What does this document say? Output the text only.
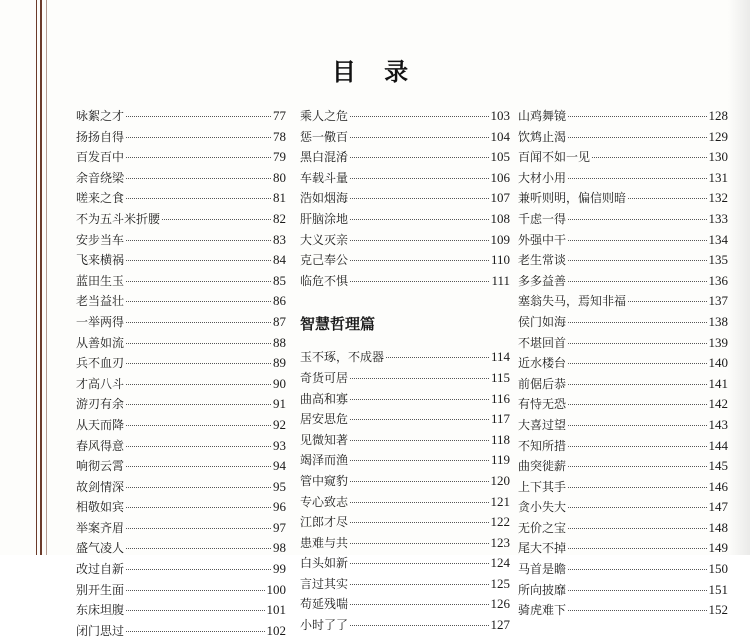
目 录
咏絮之才	77
扬扬自得	78
百发百中	79
余音绕梁	80
嗟来之食	81
不为五斗米折腰	82
安步当车	83
飞来横祸	84
蓝田生玉	85
老当益壮	86
一举两得	87
从善如流	88
兵不血刃	89
才高八斗	90
游刃有余	91
从天而降	92
春风得意	93
响彻云霄	94
故剑情深	95
相敬如宾	96
举案齐眉	97
盛气凌人	98
改过自新	99
别开生面	100
东床坦腹	101
闭门思过	102
乘人之危	103
惩一儆百	104
黑白混淆	105
车载斗量	106
浩如烟海	107
肝脑涂地	108
大义灭亲	109
克己奉公	110
临危不惧	111
智慧哲理篇
玉不琢，不成器	114
奇货可居	115
曲高和寡	116
居安思危	117
见微知著	118
竭泽而渔	119
管中窥豹	120
专心致志	121
江郎才尽	122
患难与共	123
白头如新	124
言过其实	125
苟延残喘	126
小时了了	127
山鸡舞镜	128
饮鸩止渴	129
百闻不如一见	130
大材小用	131
兼听则明，偏信则暗	132
千虑一得	133
外强中干	134
老生常谈	135
多多益善	136
塞翁失马，焉知非福	137
侯门如海	138
不堪回首	139
近水楼台	140
前倨后恭	141
有恃无恐	142
大喜过望	143
不知所措	144
曲突徙薪	145
上下其手	146
贪小失大	147
无价之宝	148
尾大不掉	149
马首是瞻	150
所向披靡	151
骑虎难下	152
